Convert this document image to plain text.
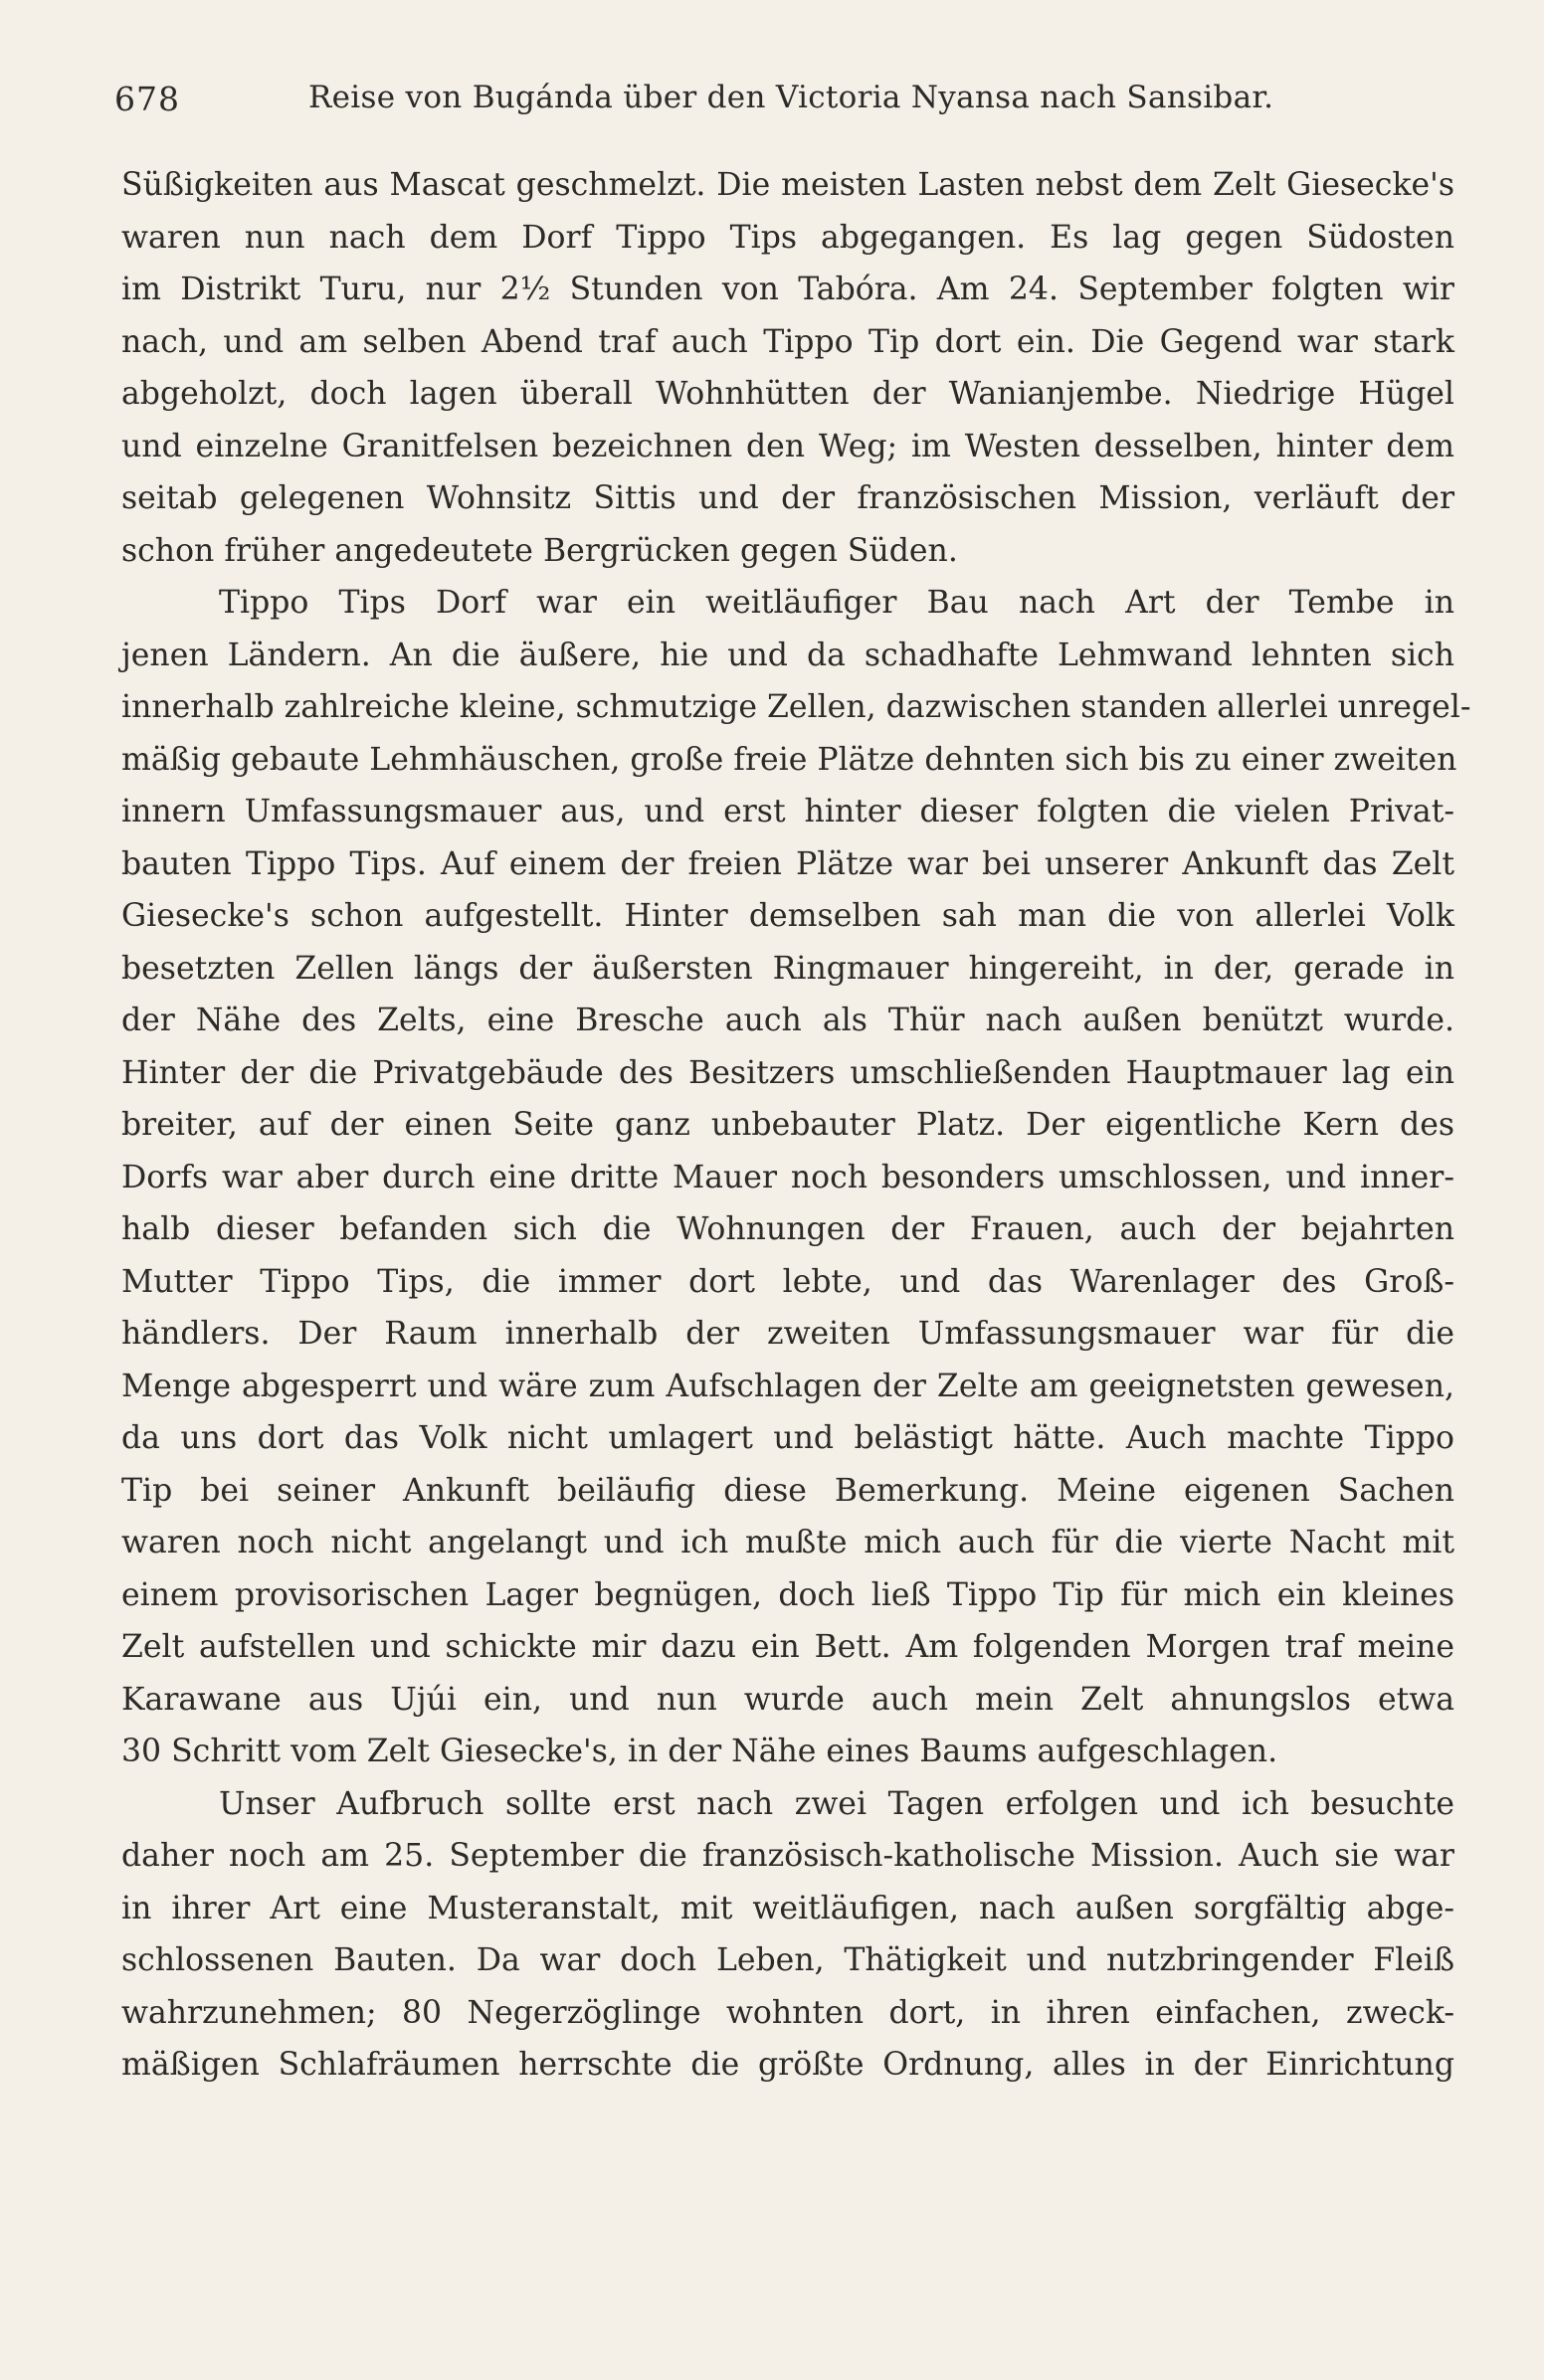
678	Reise von Bugánda über den Victoria Nyansa nach Sansibar.
Süßigkeiten aus Mascat geschmelzt. Die meisten Lasten nebst dem Zelt Giesecke's
waren nun nach dem Dorf Tippo Tips abgegangen. Es lag gegen Südosten
im Distrikt Turu, nur 2½ Stunden von Tabóra. Am 24. September folgten wir
nach, und am selben Abend traf auch Tippo Tip dort ein. Die Gegend war stark
abgeholzt, doch lagen überall Wohnhütten der Wanianjembe. Niedrige Hügel
und einzelne Granitfelsen bezeichnen den Weg; im Westen desselben, hinter dem
seitab gelegenen Wohnsitz Sittis und der französischen Mission, verläuft der
schon früher angedeutete Bergrücken gegen Süden.
Tippo Tips Dorf war ein weitläufiger Bau nach Art der Tembe in
jenen Ländern. An die äußere, hie und da schadhafte Lehmwand lehnten sich
innerhalb zahlreiche kleine, schmutzige Zellen, dazwischen standen allerlei unregel-
mäßig gebaute Lehmhäuschen, große freie Plätze dehnten sich bis zu einer zweiten
innern Umfassungsmauer aus, und erst hinter dieser folgten die vielen Privat-
bauten Tippo Tips. Auf einem der freien Plätze war bei unserer Ankunft das Zelt
Giesecke's schon aufgestellt. Hinter demselben sah man die von allerlei Volk
besetzten Zellen längs der äußersten Ringmauer hingereiht, in der, gerade in
der Nähe des Zelts, eine Bresche auch als Thür nach außen benützt wurde.
Hinter der die Privatgebäude des Besitzers umschließenden Hauptmauer lag ein
breiter, auf der einen Seite ganz unbebauter Platz. Der eigentliche Kern des
Dorfs war aber durch eine dritte Mauer noch besonders umschlossen, und inner-
halb dieser befanden sich die Wohnungen der Frauen, auch der bejahrten
Mutter Tippo Tips, die immer dort lebte, und das Warenlager des Groß-
händlers. Der Raum innerhalb der zweiten Umfassungsmauer war für die
Menge abgesperrt und wäre zum Aufschlagen der Zelte am geeignetsten gewesen,
da uns dort das Volk nicht umlagert und belästigt hätte. Auch machte Tippo
Tip bei seiner Ankunft beiläufig diese Bemerkung. Meine eigenen Sachen
waren noch nicht angelangt und ich mußte mich auch für die vierte Nacht mit
einem provisorischen Lager begnügen, doch ließ Tippo Tip für mich ein kleines
Zelt aufstellen und schickte mir dazu ein Bett. Am folgenden Morgen traf meine
Karawane aus Ujúi ein, und nun wurde auch mein Zelt ahnungslos etwa
30 Schritt vom Zelt Giesecke's, in der Nähe eines Baums aufgeschlagen.
Unser Aufbruch sollte erst nach zwei Tagen erfolgen und ich besuchte
daher noch am 25. September die französisch-katholische Mission. Auch sie war
in ihrer Art eine Musteranstalt, mit weitläufigen, nach außen sorgfältig abge-
schlossenen Bauten. Da war doch Leben, Thätigkeit und nutzbringender Fleiß
wahrzunehmen; 80 Negerzöglinge wohnten dort, in ihren einfachen, zweck-
mäßigen Schlafräumen herrschte die größte Ordnung, alles in der Einrichtung
